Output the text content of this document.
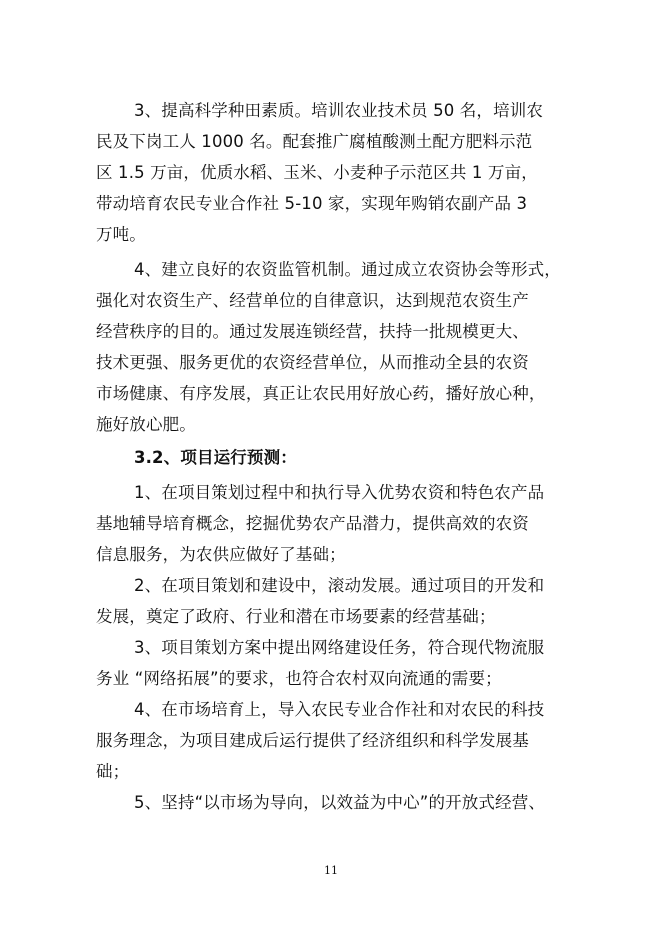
3、提高科学种田素质。培训农业技术员 50 名，培训农
民及下岗工人 1000 名。配套推广腐植酸测土配方肥料示范
区 1.5 万亩，优质水稻、玉米、小麦种子示范区共 1 万亩，
带动培育农民专业合作社 5-10 家，实现年购销农副产品 3
万吨。
4、建立良好的农资监管机制。通过成立农资协会等形式，
强化对农资生产、经营单位的自律意识，达到规范农资生产
经营秩序的目的。通过发展连锁经营，扶持一批规模更大、
技术更强、服务更优的农资经营单位，从而推动全县的农资
市场健康、有序发展，真正让农民用好放心药，播好放心种，
施好放心肥。
3.2、项目运行预测：
1、在项目策划过程中和执行导入优势农资和特色农产品
基地辅导培育概念，挖掘优势农产品潜力，提供高效的农资
信息服务，为农供应做好了基础；
2、在项目策划和建设中，滚动发展。通过项目的开发和
发展，奠定了政府、行业和潜在市场要素的经营基础；
3、项目策划方案中提出网络建设任务，符合现代物流服
务业 “网络拓展”的要求，也符合农村双向流通的需要；
4、在市场培育上，导入农民专业合作社和对农民的科技
服务理念，为项目建成后运行提供了经济组织和科学发展基
础；
5、坚持“以市场为导向，以效益为中心”的开放式经营、
11
